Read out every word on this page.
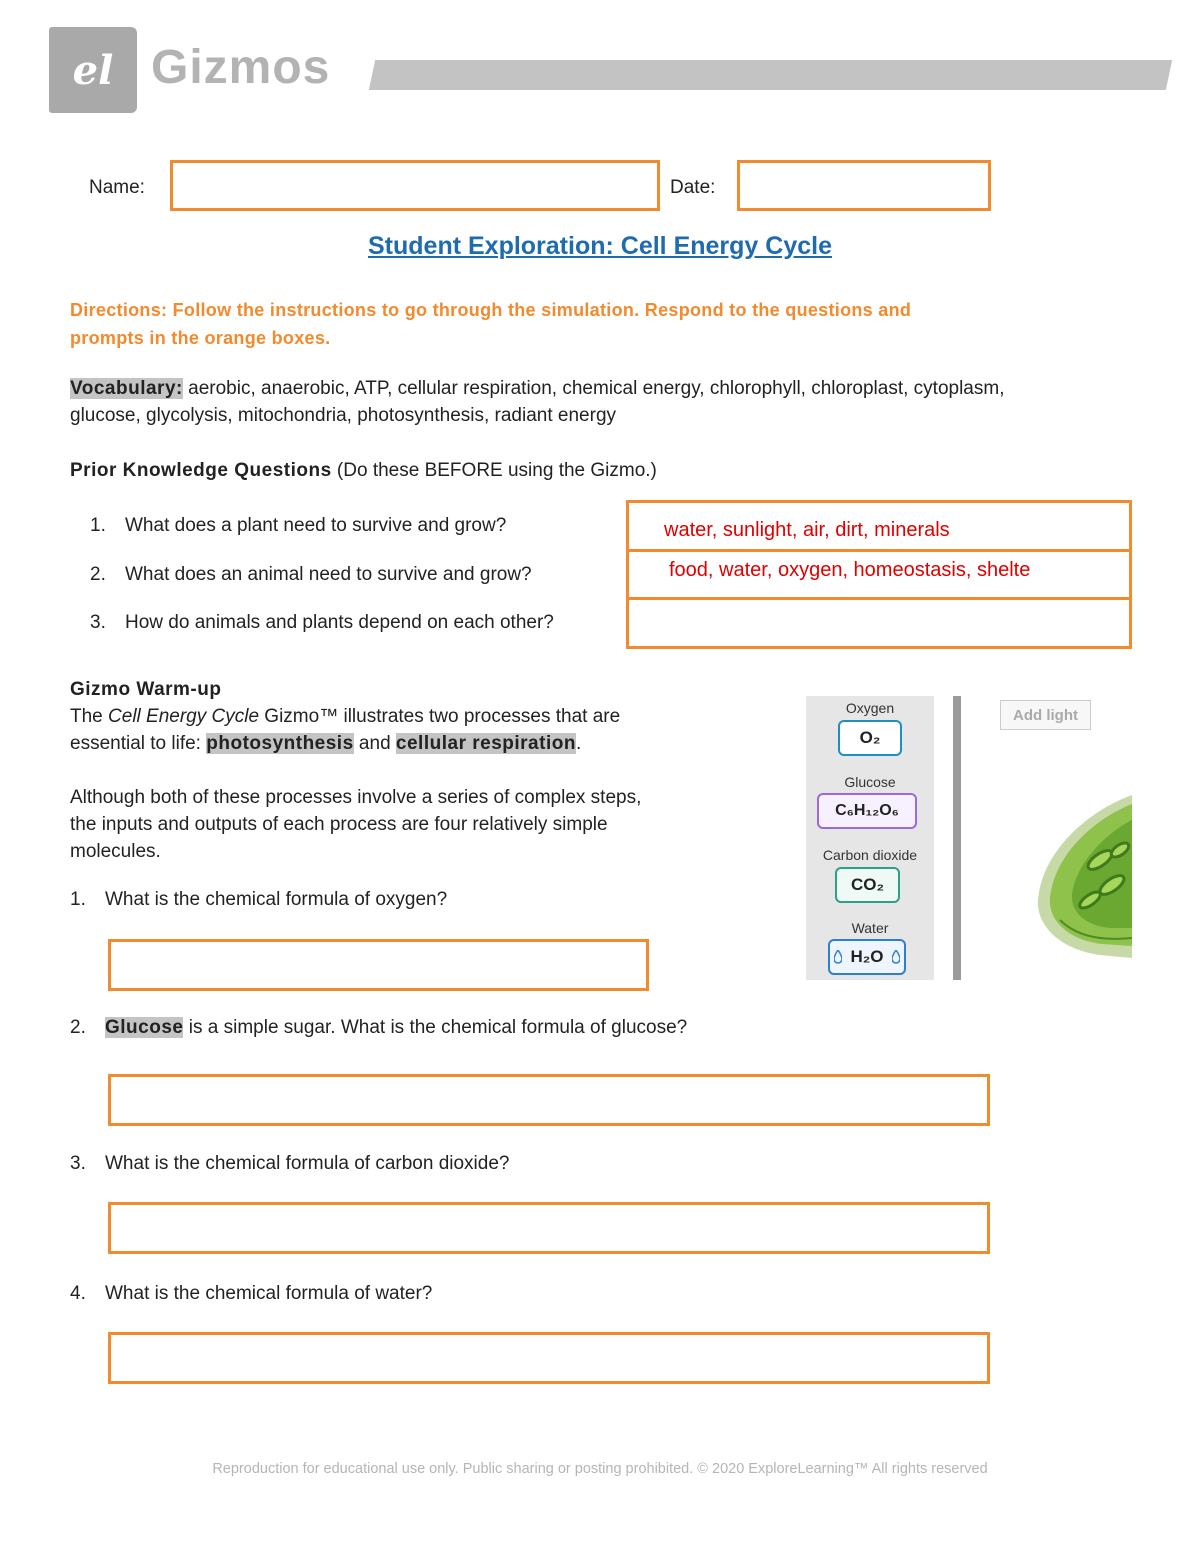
el Gizmos
Name:	Date:
Student Exploration: Cell Energy Cycle
Directions: Follow the instructions to go through the simulation. Respond to the questions and
prompts in the orange boxes.
Vocabulary: aerobic, anaerobic, ATP, cellular respiration, chemical energy, chlorophyll, chloroplast, cytoplasm,
glucose, glycolysis, mitochondria, photosynthesis, radiant energy
Prior Knowledge Questions (Do these BEFORE using the Gizmo.)
1. What does a plant need to survive and grow?
2. What does an animal need to survive and grow?
3. How do animals and plants depend on each other?
water, sunlight, air, dirt, minerals
food, water, oxygen, homeostasis, shelte
Gizmo Warm-up
The Cell Energy Cycle Gizmo™ illustrates two processes that are
essential to life: photosynthesis and cellular respiration.
Although both of these processes involve a series of complex steps,
the inputs and outputs of each process are four relatively simple
molecules.
1. What is the chemical formula of oxygen?
2. Glucose is a simple sugar. What is the chemical formula of glucose?
3. What is the chemical formula of carbon dioxide?
4. What is the chemical formula of water?
Oxygen
O₂
Glucose
C₆H₁₂O₆
Carbon dioxide
CO₂
Water
 H₂O 
Add light
Reproduction for educational use only. Public sharing or posting prohibited. © 2020 ExploreLearning™ All rights reserved
